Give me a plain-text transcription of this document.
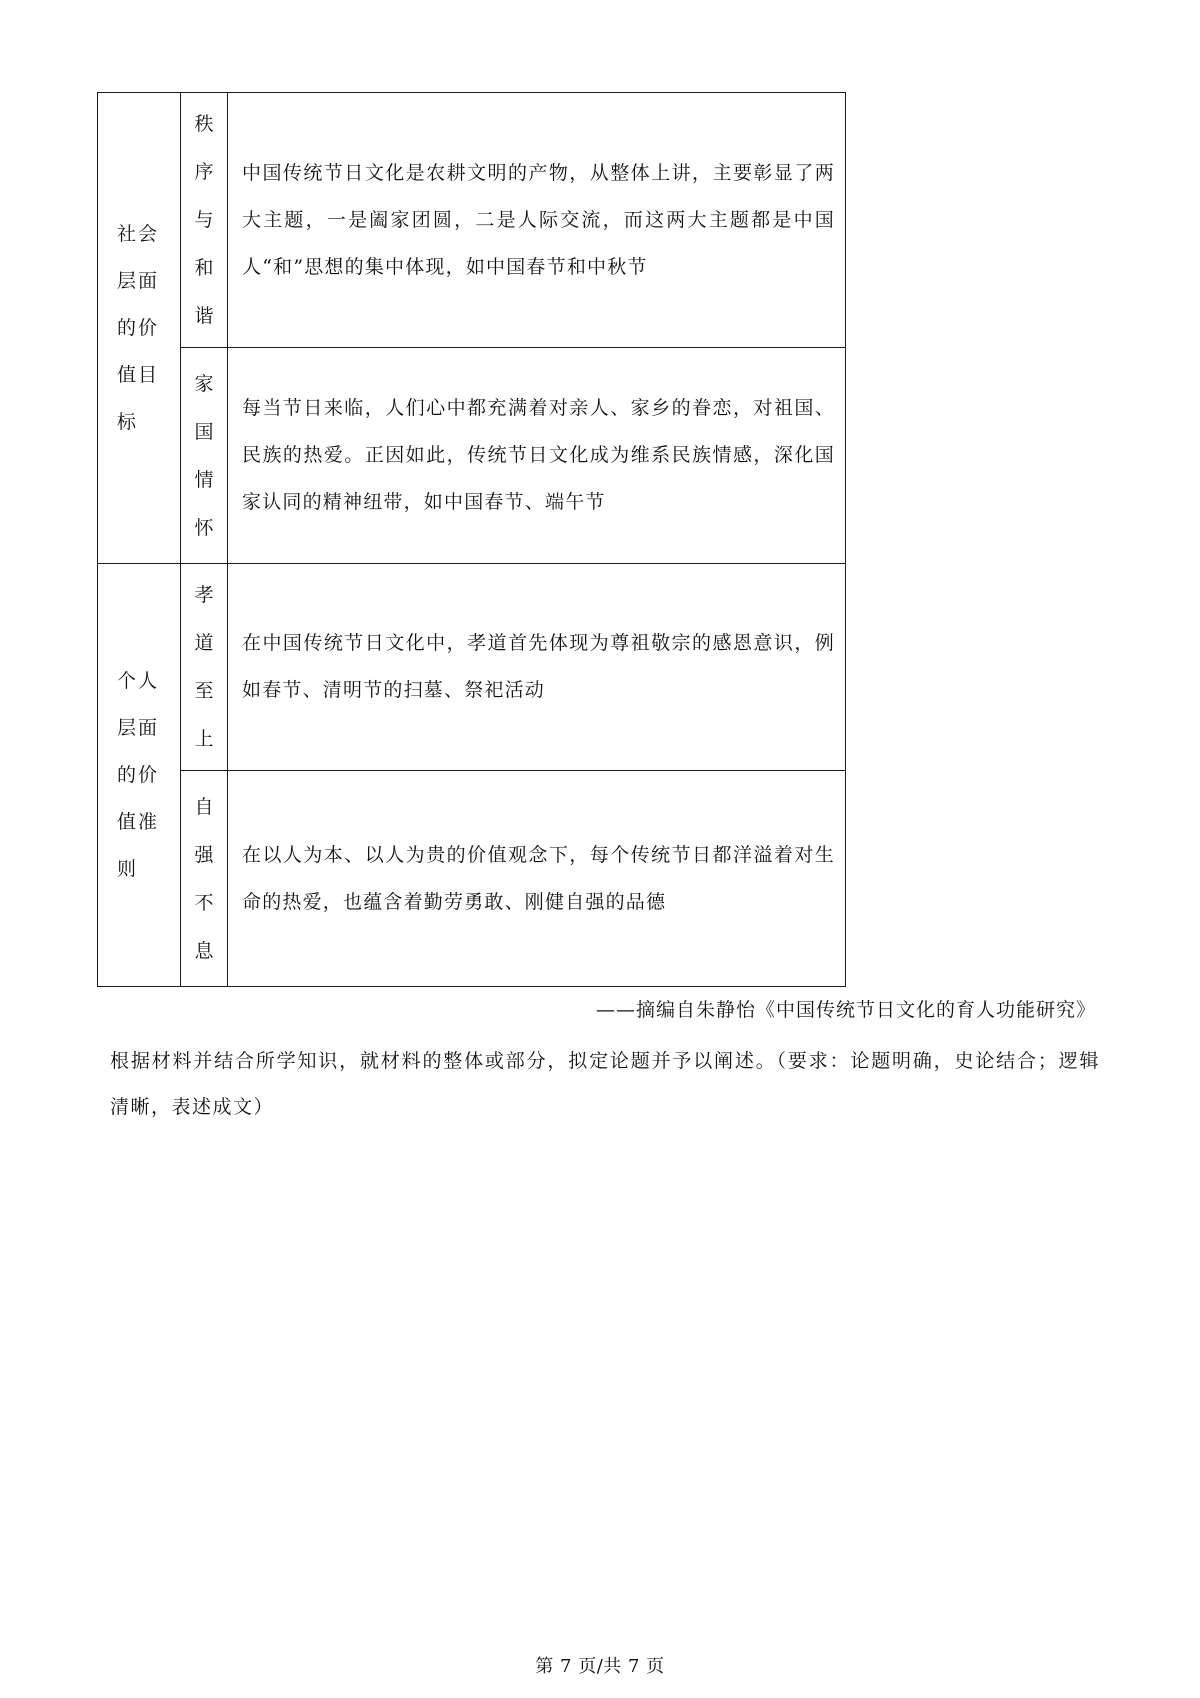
社会层面的价值目标	秩序与和谐	中国传统节日文化是农耕文明的产物，从整体上讲，主要彰显了两大主题，一是阖家团圆，二是人际交流，而这两大主题都是中国人“和”思想的集中体现，如中国春节和中秋节

	家国情怀	每当节日来临，人们心中都充满着对亲人、家乡的眷恋，对祖国、民族的热爱。正因如此，传统节日文化成为维系民族情感，深化国家认同的精神纽带，如中国春节、端午节

个人层面的价值准则	孝道至上	在中国传统节日文化中，孝道首先体现为尊祖敬宗的感恩意识，例如春节、清明节的扫墓、祭祀活动

	自强不息	在以人为本、以人为贵的价值观念下，每个传统节日都洋溢着对生命的热爱，也蕴含着勤劳勇敢、刚健自强的品德
——摘编自朱静怡《中国传统节日文化的育人功能研究》
根据材料并结合所学知识，就材料的整体或部分，拟定论题并予以阐述。（要求：论题明确，史论结合；逻辑清晰，表述成文）
第 7 页/共 7 页
